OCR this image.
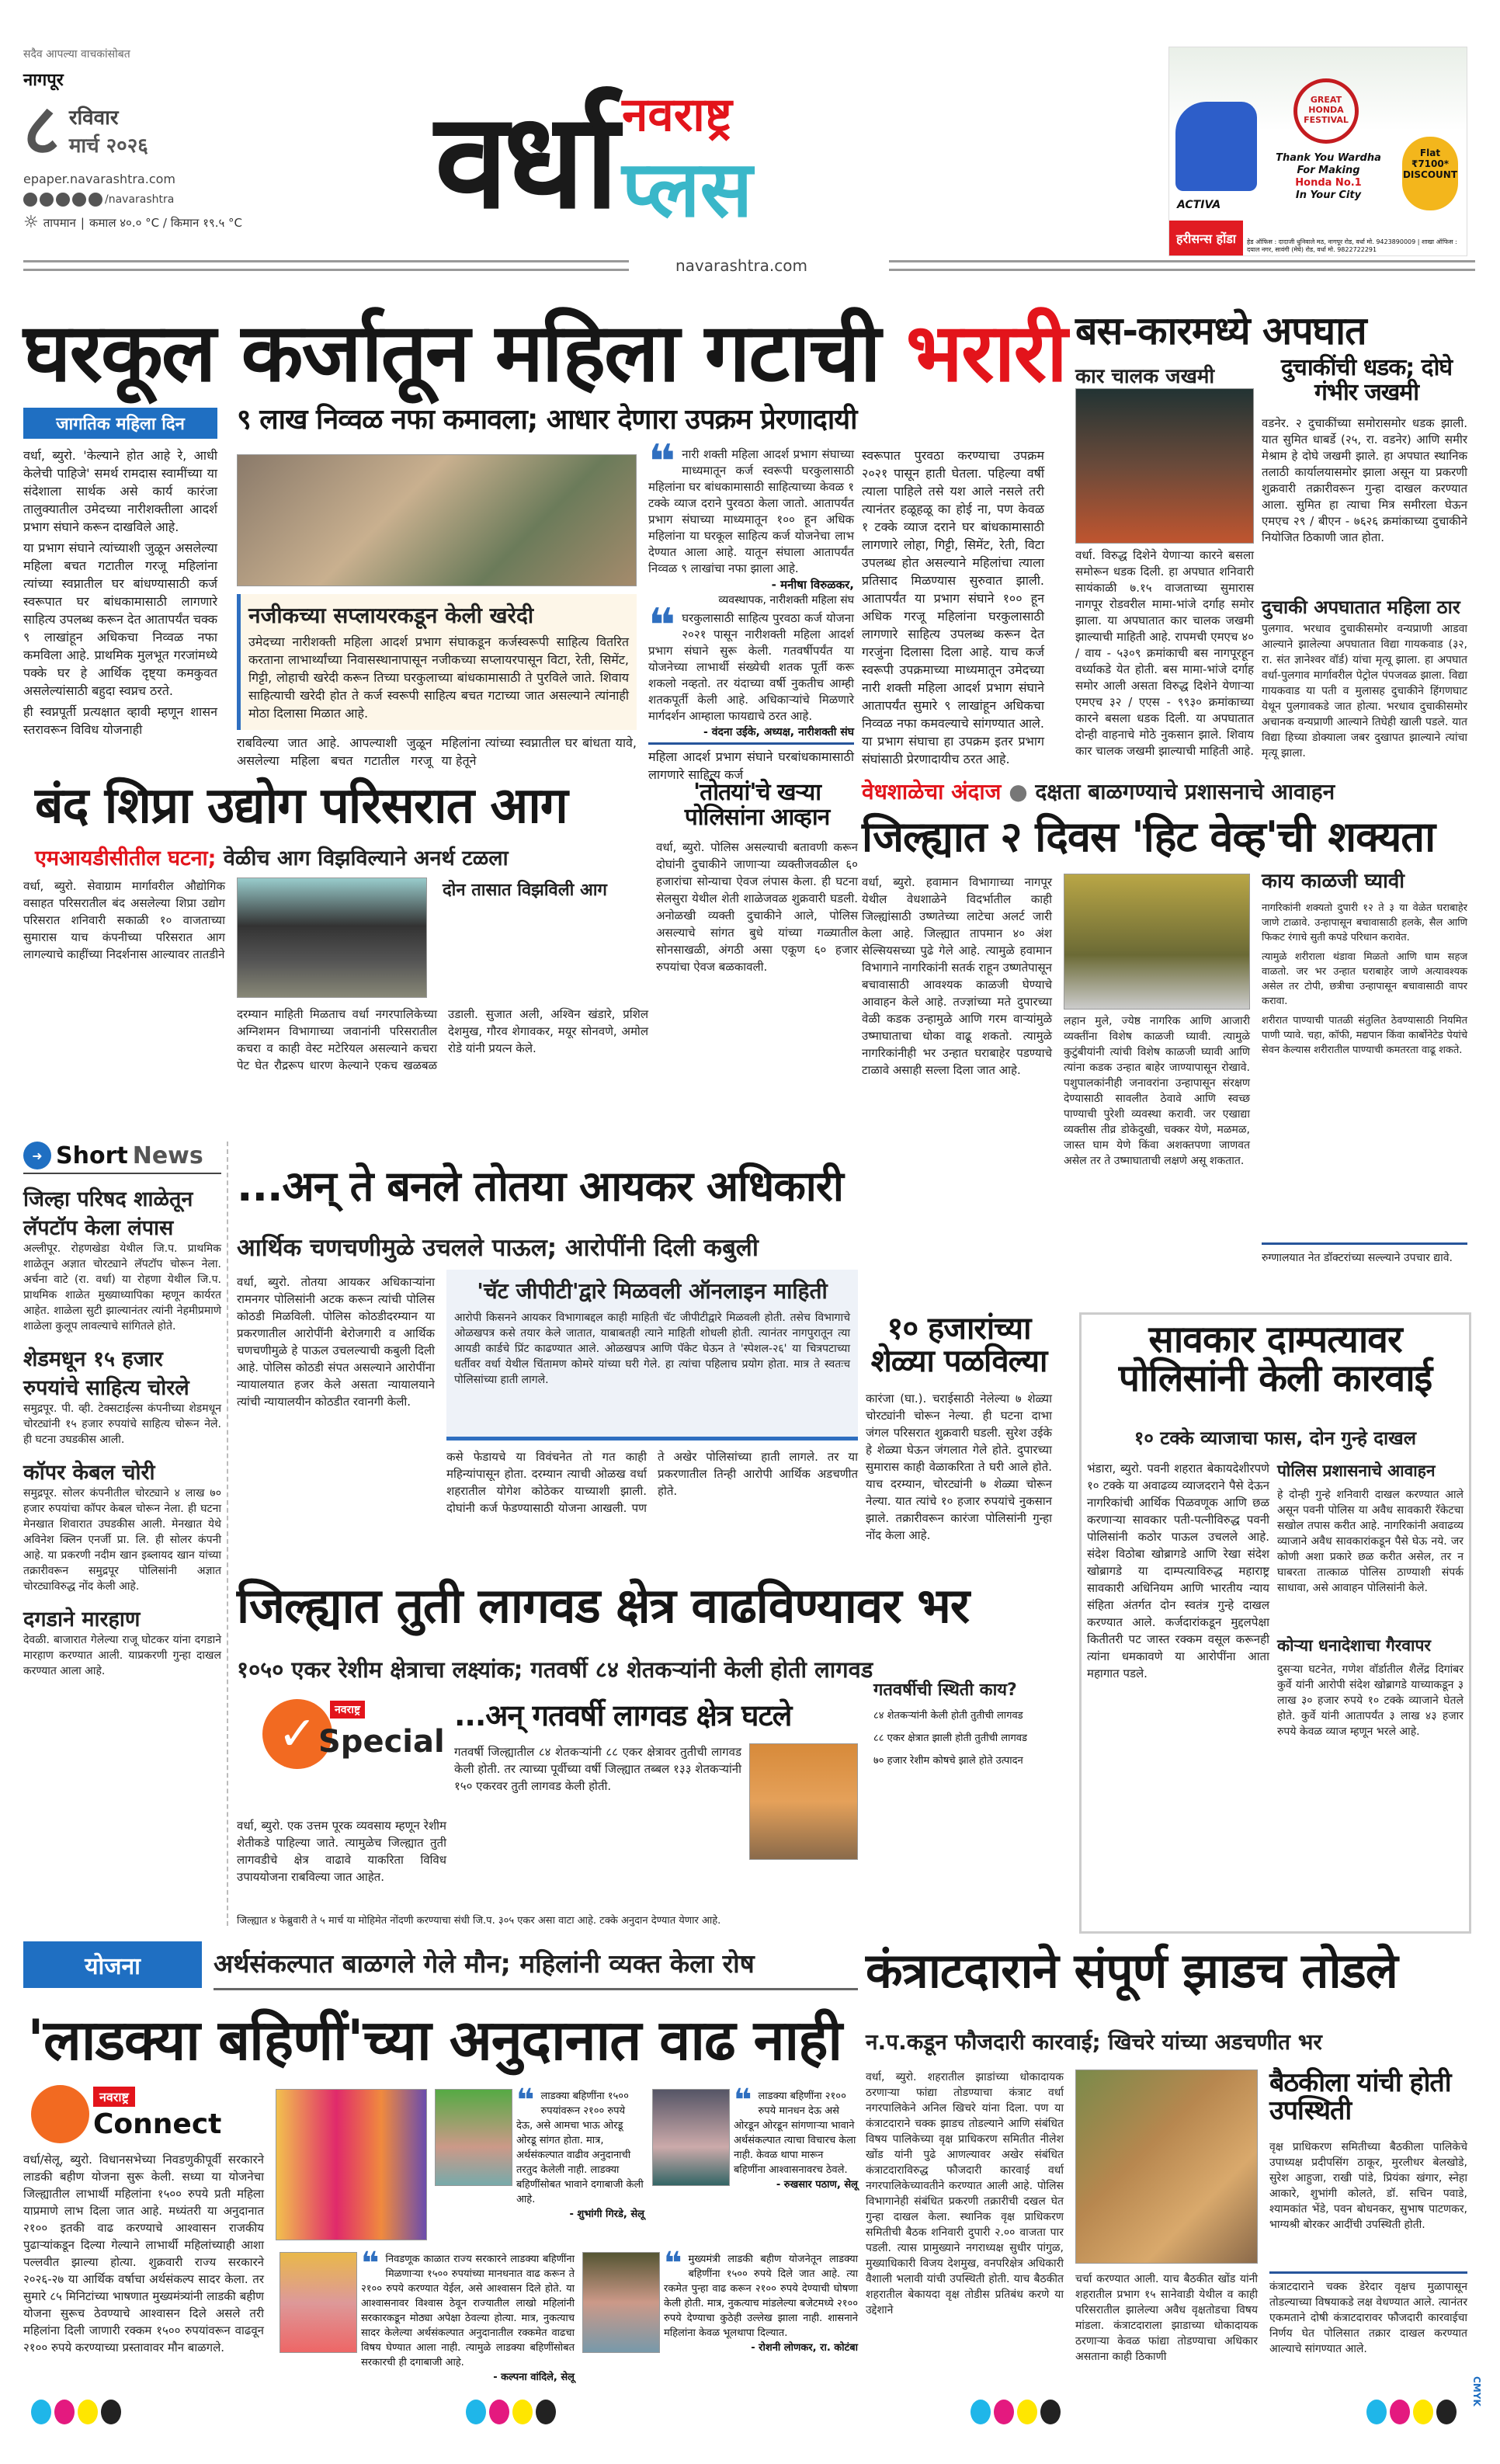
सदैव आपल्या वाचकांसोबत
नागपूर
८ रविवार
मार्च २०२६
epaper.navarashtra.com
/navarashtra
☼ तापमान | कमाल ४०.० °C / किमान १९.५ °C वर्धा नवराष्ट्र
प्लस
navarashtra.com
ACTIVA
GREAT HONDA FESTIVAL
Thank You Wardha
For Making
Honda No.1
In Your City
Flat ₹7100* DISCOUNT
हरीसन्स होंडा	हेड ऑफिस : दादाजी धुनिवाले मठ, नागपूर रोड, वर्धा मो. 9423890009 | शाखा ऑफिस : दयाल नगर, सावंगी (मेघे) रोड, वर्धा मो. 9822722291
घरकूल कर्जातून महिला गटाची भरारी
जागतिक महिला दिन	९ लाख निव्वळ नफा कमावला; आधार देणारा उपक्रम प्रेरणादायी

वर्धा, ब्युरो. 'केल्याने होत आहे रे, आधी केलेची पाहिजे' समर्थ रामदास स्वामींच्या या संदेशाला सार्थक असे कार्य कारंजा तालुक्यातील उमेदच्या नारीशक्तीला आदर्श प्रभाग संघाने करून दाखविले आहे.

या प्रभाग संघाने त्यांच्याशी जुळून असलेल्या महिला बचत गटातील गरजू महिलांना त्यांच्या स्वप्नातील घर बांधण्यासाठी कर्ज स्वरूपात घर बांधकामासाठी लागणारे साहित्य उपलब्ध करून देत आतापर्यंत चक्क ९ लाखांहून अधिकचा निव्वळ नफा कमविला आहे. प्राथमिक मुलभूत गरजांमध्ये पक्के घर हे आर्थिक दृष्ट्या कमकुवत असलेल्यांसाठी बहुदा स्वप्नच ठरते.

ही स्वप्नपूर्ती प्रत्यक्षात व्हावी म्हणून शासन स्तरावरून विविध योजनाही

नजीकच्या सप्लायरकडून केली खरेदी
उमेदच्या नारीशक्ती महिला आदर्श प्रभाग संघाकडून कर्जस्वरूपी साहित्य वितरित करताना लाभार्थ्यांच्या निवासस्थानापासून नजीकच्या सप्लायरपासून विटा, रेती, सिमेंट, गिट्टी, लोहाची खरेदी करून तिच्या घरकुलाच्या बांधकामासाठी ते पुरविले जाते. शिवाय साहित्याची खरेदी होत ते कर्ज स्वरूपी साहित्य बचत गटाच्या जात असल्याने त्यांनाही मोठा दिलासा मिळात आहे.
राबविल्या जात आहे. आपल्याशी जुळून असलेल्या महिला बचत गटातील गरजू महिलांना त्यांच्या स्वप्नातील घर बांधता यावे, या हेतूने
❝ नारी शक्ती महिला आदर्श प्रभाग संघाच्या माध्यमातून कर्ज स्वरूपी घरकुलासाठी महिलांना घर बांधकामासाठी साहित्याच्या केवळ १ टक्के व्याज दराने पुरवठा केला जातो. आतापर्यंत प्रभाग संघाच्या माध्यमातून १०० हून अधिक महिलांना या घरकूल साहित्य कर्ज योजनेचा लाभ देण्यात आला आहे. यातून संघाला आतापर्यंत निव्वळ ९ लाखांचा नफा झाला आहे.
- मनीषा विरुळकर,
व्यवस्थापक, नारीशक्ती महिला संघ
❝ घरकुलासाठी साहित्य पुरवठा कर्ज योजना २०२१ पासून नारीशक्ती महिला आदर्श प्रभाग संघाने सुरू केली. गतवर्षीपर्यंत या योजनेच्या लाभार्थी संख्येची शतक पूर्ती करू शकलो नव्हतो. तर यंदाच्या वर्षी नुकतीच आम्ही शतकपूर्ती केली आहे. अधिकाऱ्यांचे मिळणारे मार्गदर्शन आम्हाला फायद्याचे ठरत आहे.
- वंदना उईके, अध्यक्ष, नारीशक्ती संघ
महिला आदर्श प्रभाग संघाने घरबांधकामासाठी लागणारे साहित्य कर्ज
स्वरूपात पुरवठा करण्याचा उपक्रम २०२१ पासून हाती घेतला. पहिल्या वर्षी त्याला पाहिले तसे यश आले नसले तरी त्यानंतर हळूहळू का होई ना, पण केवळ १ टक्के व्याज दराने घर बांधकामासाठी लागणारे लोहा, गिट्टी, सिमेंट, रेती, विटा उपलब्ध होत असल्याने महिलांचा त्याला प्रतिसाद मिळण्यास सुरुवात झाली. आतापर्यंत या प्रभाग संघाने १०० हून अधिक गरजू महिलांना घरकुलासाठी लागणारे साहित्य उपलब्ध करून देत गरजुंना दिलासा दिला आहे. याच कर्ज स्वरूपी उपक्रमाच्या माध्यमातून उमेदच्या नारी शक्ती महिला आदर्श प्रभाग संघाने आतापर्यंत सुमारे ९ लाखांहून अधिकचा निव्वळ नफा कमवल्याचे सांगण्यात आले. या प्रभाग संघाचा हा उपक्रम इतर प्रभाग संघांसाठी प्रेरणादायीच ठरत आहे.
बस-कारमध्ये अपघात
कार चालक जखमी
वर्धा. विरुद्ध दिशेने येणाऱ्या कारने बसला समोरून धडक दिली. हा अपघात शनिवारी सायंकाळी ७.१५ वाजताच्या सुमारास नागपूर रोडवरील मामा-भांजे दर्गाह समोर झाला. या अपघातात कार चालक जखमी झाल्याची माहिती आहे. रापमची एमएच ४० / वाय - ५३०९ क्रमांकाची बस नागपूरहून वर्ध्याकडे येत होती. बस मामा-भांजे दर्गाह समोर आली असता विरुद्ध दिशेने येणाऱ्या एमएच ३२ / एएस - ९९३० क्रमांकाच्या कारने बसला धडक दिली. या अपघातात दोन्ही वाहनाचे मोठे नुकसान झाले. शिवाय कार चालक जखमी झाल्याची माहिती आहे.
दुचाकींची धडक; दोघे गंभीर जखमी
वडनेर. २ दुचाकींच्या समोरासमोर धडक झाली. यात सुमित धाबर्डे (२५, रा. वडनेर) आणि समीर मेश्राम हे दोघे जखमी झाले. हा अपघात स्थानिक तलाठी कार्यालयासमोर झाला असून या प्रकरणी शुक्रवारी तक्रारीवरून गुन्हा दाखल करण्यात आला. सुमित हा त्याचा मित्र समीरला घेऊन एमएच २९ / बीएन - ७६२६ क्रमांकाच्या दुचाकीने नियोजित ठिकाणी जात होता.
दुचाकी अपघातात महिला ठार
पुलगाव. भरधाव दुचाकीसमोर वन्यप्राणी आडवा आल्याने झालेल्या अपघातात विद्या गायकवाड (३२, रा. संत ज्ञानेश्वर वॉर्ड) यांचा मृत्यू झाला. हा अपघात वर्धा-पुलगाव मार्गावरील पेट्रोल पंपजवळ झाला. विद्या गायकवाड या पती व मुलासह दुचाकीने हिंगणघाट येथून पुलगावकडे जात होत्या. भरधाव दुचाकीसमोर अचानक वन्यप्राणी आल्याने तिघेही खाली पडले. यात विद्या हिच्या डोक्याला जबर दुखापत झाल्याने त्यांचा मृत्यू झाला.
बंद शिप्रा उद्योग परिसरात आग
एमआयडीसीतील घटना; वेळीच आग विझविल्याने अनर्थ टळला
वर्धा, ब्युरो. सेवाग्राम मार्गावरील औद्योगिक वसाहत परिसरातील बंद असलेल्या शिप्रा उद्योग परिसरात शनिवारी सकाळी १० वाजताच्या सुमारास याच कंपनीच्या परिसरात आग लागल्याचे काहींच्या निदर्शनास आल्यावर तातडीने
दोन तासात विझविली आग
दरम्यान माहिती मिळताच वर्धा नगरपालिकेच्या अग्निशमन विभागाच्या जवानांनी परिसरातील कचरा व काही वेस्ट मटेरियल असल्याने कचरा पेट घेत रौद्ररूप धारण केल्याने एकच खळबळ उडाली. सुजात अली, अश्विन खंडारे, प्रशिल देशमुख, गौरव शेगावकर, मयूर सोनवणे, अमोल रोडे यांनी प्रयत्न केले.
'तोतयां'चे खऱ्या पोलिसांना आव्हान
वर्धा, ब्युरो. पोलिस असल्याची बतावणी करून दोघांनी दुचाकीने जाणाऱ्या व्यक्तीजवळील ६० हजारांचा सोन्याचा ऐवज लंपास केला. ही घटना सेलसुरा येथील शेती शाळेजवळ शुक्रवारी घडली. अनोळखी व्यक्ती दुचाकीने आले, पोलिस असल्याचे सांगत बुधे यांच्या गळ्यातील सोनसाखळी, अंगठी असा एकूण ६० हजार रुपयांचा ऐवज बळकावली.
वेधशाळेचा अंदाज ● दक्षता बाळगण्याचे प्रशासनाचे आवाहन
जिल्ह्यात २ दिवस 'हिट वेव्ह'ची शक्यता
वर्धा, ब्युरो. हवामान विभागाच्या नागपूर येथील वेधशाळेने विदर्भातील काही जिल्ह्यांसाठी उष्णतेच्या लाटेचा अलर्ट जारी केला आहे. जिल्ह्यात तापमान ४० अंश सेल्सियसच्या पुढे गेले आहे. त्यामुळे हवामान विभागाने नागरिकांनी सतर्क राहून उष्णतेपासून बचावासाठी आवश्यक काळजी घेण्याचे आवाहन केले आहे. तज्ज्ञांच्या मते दुपारच्या वेळी कडक उन्हामुळे आणि गरम वाऱ्यांमुळे उष्माघाताचा धोका वाढू शकतो. त्यामुळे नागरिकांनीही भर उन्हात घराबाहेर पडण्याचे टाळावे असाही सल्ला दिला जात आहे.
लहान मुले, ज्येष्ठ नागरिक आणि आजारी व्यक्तींना विशेष काळजी घ्यावी. त्यामुळे कुटुंबीयांनी त्यांची विशेष काळजी घ्यावी आणि त्यांना कडक उन्हात बाहेर जाण्यापासून रोखावे. पशुपालकांनीही जनावरांना उन्हापासून संरक्षण देण्यासाठी सावलीत ठेवावे आणि स्वच्छ पाण्याची पुरेशी व्यवस्था करावी. जर एखाद्या व्यक्तीस तीव्र डोकेदुखी, चक्कर येणे, मळमळ, जास्त घाम येणे किंवा अशक्तपणा जाणवत असेल तर ते उष्माघाताची लक्षणे असू शकतात.
काय काळजी घ्यावी
नागरिकांनी शक्यतो दुपारी १२ ते ३ या वेळेत घराबाहेर जाणे टाळावे. उन्हापासून बचावासाठी हलके, सैल आणि फिकट रंगाचे सुती कपडे परिधान करावेत.
त्यामुळे शरीराला थंडावा मिळतो आणि घाम सहज वाळतो. जर भर उन्हात घराबाहेर जाणे अत्यावश्यक असेल तर टोपी, छत्रीचा उन्हापासून बचावासाठी वापर करावा.
शरीरात पाण्याची पातळी संतुलित ठेवण्यासाठी नियमित पाणी प्यावे. चहा, कॉफी, मद्यपान किंवा कार्बोनेटेड पेयांचे सेवन केल्यास शरीरातील पाण्याची कमतरता वाढू शकते.
रुग्णालयात नेत डॉक्टरांच्या सल्ल्याने उपचार द्यावे.
➜ Short News
जिल्हा परिषद शाळेतून लॅपटॉप केला लंपास
अल्लीपूर. रोहणखेडा येथील जि.प. प्राथमिक शाळेतून अज्ञात चोरट्याने लॅपटॉप चोरून नेला. अर्चना वाटे (रा. वर्धा) या रोहणा येथील जि.प. प्राथमिक शाळेत मुख्याध्यापिका म्हणून कार्यरत आहेत. शाळेला सुटी झाल्यानंतर त्यांनी नेहमीप्रमाणे शाळेला कुलूप लावल्याचे सांगितले होते.
शेडमधून १५ हजार रुपयांचे साहित्य चोरले
समुद्रपूर. पी. व्ही. टेक्सटाईल्स कंपनीच्या शेडमधून चोरट्यांनी १५ हजार रुपयांचे साहित्य चोरून नेले. ही घटना उघडकीस आली.
कॉपर केबल चोरी
समुद्रपूर. सोलर कंपनीतील चोरट्याने ४ लाख ७० हजार रुपयांचा कॉपर केबल चोरून नेला. ही घटना मेनखात शिवारात उघडकीस आली. मेनखात येथे अविनेश क्लिन एनर्जी प्रा. लि. ही सोलर कंपनी आहे. या प्रकरणी नदीम खान इब्लायद खान यांच्या तक्रारीवरून समुद्रपूर पोलिसांनी अज्ञात चोरट्याविरुद्ध नोंद केली आहे.
दगडाने मारहाण
देवळी. बाजारात गेलेल्या राजू घोटकर यांना दगडाने मारहाण करण्यात आली. याप्रकरणी गुन्हा दाखल करण्यात आला आहे.
...अन् ते बनले तोतया आयकर अधिकारी
आर्थिक चणचणीमुळे उचलले पाऊल; आरोपींनी दिली कबुली
वर्धा, ब्युरो. तोतया आयकर अधिकाऱ्यांना रामनगर पोलिसांनी अटक करून त्यांची पोलिस कोठडी मिळविली. पोलिस कोठडीदरम्यान या प्रकरणातील आरोपींनी बेरोजगारी व आर्थिक चणचणीमुळे हे पाऊल उचलल्याची कबुली दिली आहे. पोलिस कोठडी संपत असल्याने आरोपींना न्यायालयात हजर केले असता न्यायालयाने त्यांची न्यायालयीन कोठडीत रवानगी केली.
'चॅट जीपीटी'द्वारे मिळवली ऑनलाइन माहिती
आरोपी किसनने आयकर विभागाबद्दल काही माहिती चॅट जीपीटीद्वारे मिळवली होती. तसेच विभागाचे ओळखपत्र कसे तयार केले जातात, याबाबतही त्याने माहिती शोधली होती. त्यानंतर नागपुरातून त्या आयडी कार्डचे प्रिंट काढण्यात आले. ओळखपत्र आणि पॅकेट घेऊन ते 'स्पेशल-२६' या चित्रपटाच्या धर्तीवर वर्धा येथील चिंतामण कोमरे यांच्या घरी गेले. हा त्यांचा पहिलाच प्रयोग होता. मात्र ते स्वतःच पोलिसांच्या हाती लागले.
कसे फेडायचे या विवंचनेत तो गत काही महिन्यांपासून होता. दरम्यान त्याची ओळख वर्धा शहरातील योगेश कोठेकर याच्याशी झाली. दोघांनी कर्ज फेडण्यासाठी योजना आखली. पण ते अखेर पोलिसांच्या हाती लागले. तर या प्रकरणातील तिन्ही आरोपी आर्थिक अडचणीत होते.
१० हजारांच्या शेळ्या पळविल्या
कारंजा (घा.). चराईसाठी नेलेल्या ७ शेळ्या चोरट्यांनी चोरून नेल्या. ही घटना दाभा जंगल परिसरात शुक्रवारी घडली. सुरेश उईके हे शेळ्या घेऊन जंगलात गेले होते. दुपारच्या सुमारास काही वेळाकरिता ते घरी आले होते. याच दरम्यान, चोरट्यांनी ७ शेळ्या चोरून नेल्या. यात त्यांचे १० हजार रुपयांचे नुकसान झाले. तक्रारीवरून कारंजा पोलिसांनी गुन्हा नोंद केला आहे.
सावकार दाम्पत्यावर पोलिसांनी केली कारवाई
१० टक्के व्याजाचा फास, दोन गुन्हे दाखल
भंडारा, ब्युरो. पवनी शहरात बेकायदेशीरपणे १० टक्के या अवाढव्य व्याजदराने पैसे देऊन नागरिकांची आर्थिक पिळवणूक आणि छळ करणाऱ्या सावकार पती-पत्नीविरुद्ध पवनी पोलिसांनी कठोर पाऊल उचलले आहे. संदेश विठोबा खोब्रागडे आणि रेखा संदेश खोब्रागडे या दाम्पत्याविरुद्ध महाराष्ट्र सावकारी अधिनियम आणि भारतीय न्याय संहिता अंतर्गत दोन स्वतंत्र गुन्हे दाखल करण्यात आले. कर्जदारांकडून मुद्दलपेक्षा कितीतरी पट जास्त रक्कम वसूल करूनही त्यांना धमकावणे या आरोपींना आता महागात पडले.
पोलिस प्रशासनाचे आवाहन
हे दोन्ही गुन्हे शनिवारी दाखल करण्यात आले असून पवनी पोलिस या अवैध सावकारी रॅकेटचा सखोल तपास करीत आहे. नागरिकांनी अवाढव्य व्याजाने अवैध सावकारांकडून पैसे घेऊ नये. जर कोणी अशा प्रकारे छळ करीत असेल, तर न घाबरता तात्काळ पोलिस ठाण्याशी संपर्क साधावा, असे आवाहन पोलिसांनी केले.
कोऱ्या धनादेशाचा गैरवापर
दुसऱ्या घटनेत, गणेश वॉर्डातील शैलेंद्र दिगांबर कुर्वे यांनी आरोपी संदेश खोब्रागडे याच्याकडून ३ लाख ३० हजार रुपये १० टक्के व्याजाने घेतले होते. कुर्वे यांनी आतापर्यंत ३ लाख ४३ हजार रुपये केवळ व्याज म्हणून भरले आहे.
जिल्ह्यात तुती लागवड क्षेत्र वाढविण्यावर भर
१०५० एकर रेशीम क्षेत्राचा लक्ष्यांक; गतवर्षी ८४ शेतकऱ्यांनी केली होती लागवड
✓	नवराष्ट्र
Special
वर्धा, ब्युरो. एक उत्तम पूरक व्यवसाय म्हणून रेशीम शेतीकडे पाहिल्या जाते. त्यामुळेच जिल्ह्यात तुती लागवडीचे क्षेत्र वाढावे याकरिता विविध उपाययोजना राबविल्या जात आहेत.
...अन् गतवर्षी लागवड क्षेत्र घटले
गतवर्षी जिल्ह्यातील ८४ शेतकऱ्यांनी ८८ एकर क्षेत्रावर तुतीची लागवड केली होती. तर त्याच्या पूर्वीच्या वर्षी जिल्ह्यात तब्बल १३३ शेतकऱ्यांनी १५० एकरवर तुती लागवड केली होती.
गतवर्षीची स्थिती काय?
८४ शेतकऱ्यांनी केली होती तुतीची लागवड
८८ एकर क्षेत्रात झाली होती तुतीची लागवड
७० हजार रेशीम कोषचे झाले होते उत्पादन
जिल्ह्यात ४ फेब्रुवारी ते ५ मार्च या मोहिमेत नोंदणी करण्याचा संधी जि.प. ३०५ एकर असा वाटा आहे. टक्के अनुदान देण्यात येणार आहे.
योजना	अर्थसंकल्पात बाळगले गेले मौन; महिलांनी व्यक्त केला रोष
'लाडक्या बहिणीं'च्या अनुदानात वाढ नाही
नवराष्ट्र
Connect
वर्धा/सेलू, ब्युरो. विधानसभेच्या निवडणुकीपूर्वी सरकारने लाडकी बहीण योजना सुरू केली. सध्या या योजनेचा जिल्ह्यातील लाभार्थी महिलांना १५०० रुपये प्रती महिला याप्रमाणे लाभ दिला जात आहे. मध्यंतरी या अनुदानात २१०० इतकी वाढ करण्याचे आश्वासन राजकीय पुढाऱ्यांकडून दिल्या गेल्याने लाभार्थी महिलांच्याही आशा पल्लवीत झाल्या होत्या. शुक्रवारी राज्य सरकारने २०२६-२७ या आर्थिक वर्षाचा अर्थसंकल्प सादर केला. तर सुमारे ८५ मिनिटांच्या भाषणात मुख्यमंत्र्यांनी लाडकी बहीण योजना सुरूच ठेवण्याचे आश्वासन दिले असले तरी महिलांना दिली जाणारी रक्कम १५०० रुपयांवरून वाढवून २१०० रुपये करण्याच्या प्रस्तावावर मौन बाळगले.
❝ लाडक्या बहिणींना १५०० रुपयांवरून २१०० रुपये देऊ, असे आमचा भाऊ ओरडू ओरडू सांगत होता. मात्र, अर्थसंकल्पात वाढीव अनुदानाची तरतुद केलेली नाही. लाडक्या बहिणींसोबत भावाने दगाबाजी केली आहे.
- शुभांगी गिरडे, सेलू
❝ लाडक्या बहिणींना २१०० रुपये मानधन देऊ असे ओरडून ओरडून सांगणाऱ्या भावाने अर्थसंकल्पात त्याचा विचारच केला नाही. केवळ थापा मारून बहिणींना आश्वासनावरच ठेवले.
- रुखसार पठाण, सेलू
❝ निवडणूक काळात राज्य सरकारने लाडक्या बहिणींना मिळणाऱ्या १५०० रुपयांच्या मानधनात वाढ करून ते २१०० रुपये करण्यात येईल, असे आश्वासन दिले होते. या आश्वासनावर विश्वास ठेवून राज्यातील लाखो महिलांनी सरकारकडून मोठ्या अपेक्षा ठेवल्या होत्या. मात्र, नुकत्याच सादर केलेल्या अर्थसंकल्पात अनुदानातील रक्कमेत वाढचा विषय घेण्यात आला नाही. त्यामुळे लाडक्या बहिणींसोबत सरकारची ही दगाबाजी आहे.
- कल्पना वांदिले, सेलू
❝ मुख्यमंत्री लाडकी बहीण योजनेतून लाडक्या बहिणींना १५०० रुपये दिले जात आहे. त्या रकमेत पुन्हा वाढ करून २१०० रुपये देण्याची घोषणा केली होती. मात्र, नुकत्याच मांडलेल्या बजेटमध्ये २१०० रुपये देण्याचा कुठेही उल्लेख झाला नाही. शासनाने महिलांना केवळ भूलथापा दिल्यात.
- रोशनी लोणकर, रा. कोटंबा
कंत्राटदाराने संपूर्ण झाडच तोडले
न.प.कडून फौजदारी कारवाई; खिचरे यांच्या अडचणीत भर
वर्धा, ब्युरो. शहरातील झाडांच्या धोकादायक ठरणाऱ्या फांद्या तोडण्याचा कंत्राट वर्धा नगरपालिकेने अनिल खिचरे यांना दिला. पण या कंत्राटदाराने चक्क झाडच तोडल्याने आणि संबंधित विषय पालिकेच्या वृक्ष प्राधिकरण समितीत नीलेश खोंड यांनी पुढे आणल्यावर अखेर संबंधित कंत्राटदाराविरुद्ध फौजदारी कारवाई वर्धा नगरपालिकेच्यावतीने करण्यात आली आहे. पोलिस विभागानेही संबंधित प्रकरणी तक्रारीची दखल घेत गुन्हा दाखल केला. स्थानिक वृक्ष प्राधिकरण समितीची बैठक शनिवारी दुपारी २.०० वाजता पार पडली. त्यास प्रामुख्याने नगराध्यक्ष सुधीर पांगुळ, मुख्याधिकारी विजय देशमुख, वनपरिक्षेत्र अधिकारी वैशाली भलावी यांची उपस्थिती होती. याच बैठकीत शहरातील बेकायदा वृक्ष तोडीस प्रतिबंध करणे या उद्देशाने
चर्चा करण्यात आली. याच बैठकीत खोंड यांनी शहरातील प्रभाग १५ सानेवाडी येथील व काही परिसरातील झालेल्या अवैध वृक्षतोडचा विषय मांडला. कंत्राटदाराला झाडाच्या धोकादायक ठरणाऱ्या केवळ फांद्या तोडण्याचा अधिकार असताना काही ठिकाणी
बैठकीला यांची होती उपस्थिती
वृक्ष प्राधिकरण समितीच्या बैठकीला पालिकेचे उपाध्यक्ष प्रदीपसिंग ठाकूर, मुरलीधर बेलखोडे, सुरेश आहुजा, राखी पांडे, प्रियंका खंगार, स्नेहा आकारे, शुभांगी कोलते, डॉ. सचिन पवाडे, श्यामकांत भेंडे, पवन बोधनकर, सुभाष पाटणकर, भाग्यश्री बोरकर आदींची उपस्थिती होती.
कंत्राटदाराने चक्क डेरेदार वृक्षच मुळापासून तोडल्याच्या विषयाकडे लक्ष वेधण्यात आले. त्यानंतर एकमताने दोषी कंत्राटदारावर फौजदारी कारवाईचा निर्णय घेत पोलिसात तक्रार दाखल करण्यात आल्याचे सांगण्यात आले.
CMYK
